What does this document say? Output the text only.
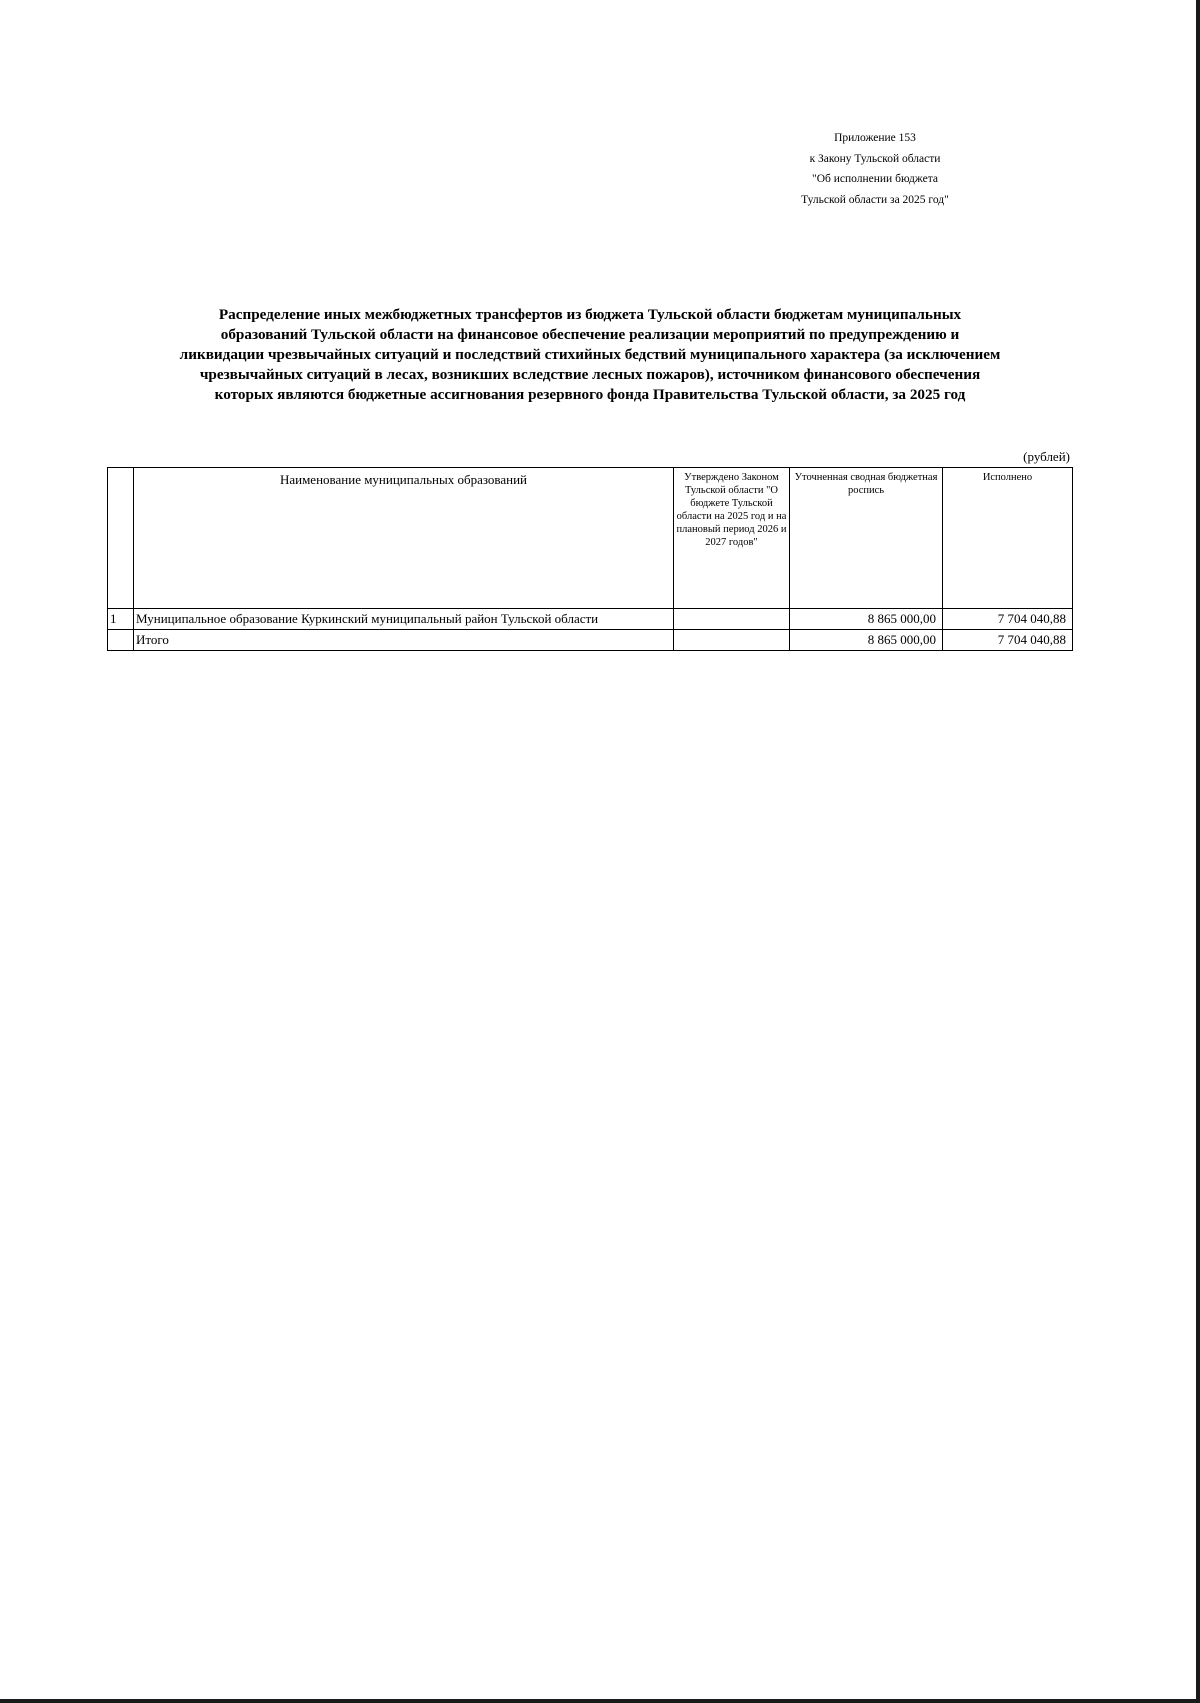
Приложение 153
к Закону Тульской области
"Об исполнении бюджета
Тульской области за 2025 год"
Распределение иных межбюджетных трансфертов из бюджета Тульской области бюджетам муниципальных
образований Тульской области на финансовое обеспечение реализации мероприятий по предупреждению и
ликвидации чрезвычайных ситуаций и последствий стихийных бедствий муниципального характера (за исключением
чрезвычайных ситуаций в лесах, возникших вследствие лесных пожаров), источником финансового обеспечения
которых являются бюджетные ассигнования резервного фонда Правительства Тульской области, за 2025 год
(рублей)
	Наименование муниципальных образований	Утверждено Законом Тульской области "О бюджете Тульской области на 2025 год и на плановый период 2026 и 2027 годов"	Уточненная сводная бюджетная роспись	Исполнено
1	Муниципальное образование Куркинский муниципальный район Тульской области		8 865 000,00	7 704 040,88
	Итого		8 865 000,00	7 704 040,88
